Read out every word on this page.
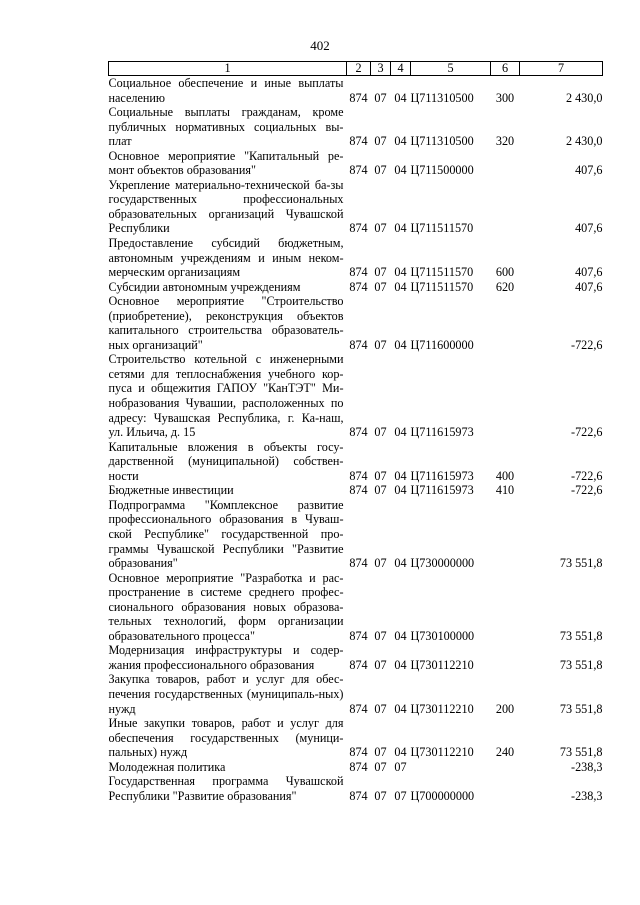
402
1	2	3	4	5	6	7
Социальное обеспечение и иные выплаты населению	874	07	04	Ц711310500	300	2 430,0
Социальные выплаты гражданам, кроме публичных нормативных социальных вы-плат	874	07	04	Ц711310500	320	2 430,0
Основное мероприятие "Капитальный ре-монт объектов образования"	874	07	04	Ц711500000		407,6
Укрепление материально-технической ба-зы государственных профессиональных образовательных организаций Чувашской Республики	874	07	04	Ц711511570		407,6
Предоставление субсидий бюджетным, автономным учреждениям и иным неком-мерческим организациям	874	07	04	Ц711511570	600	407,6
Субсидии автономным учреждениям	874	07	04	Ц711511570	620	407,6
Основное мероприятие "Строительство (приобретение), реконструкция объектов капитального строительства образователь-ных организаций"	874	07	04	Ц711600000		-722,6
Строительство котельной с инженерными сетями для теплоснабжения учебного кор-пуса и общежития ГАПОУ "КанТЭТ" Ми-нобразования Чувашии, расположенных по адресу: Чувашская Республика, г. Ка-наш, ул. Ильича, д. 15	874	07	04	Ц711615973		-722,6
Капитальные вложения в объекты госу-дарственной (муниципальной) собствен-ности	874	07	04	Ц711615973	400	-722,6
Бюджетные инвестиции	874	07	04	Ц711615973	410	-722,6
Подпрограмма "Комплексное развитие профессионального образования в Чуваш-ской Республике" государственной про-граммы Чувашской Республики "Развитие образования"	874	07	04	Ц730000000		73 551,8
Основное мероприятие "Разработка и рас-пространение в системе среднего профес-сионального образования новых образова-тельных технологий, форм организации образовательного процесса"	874	07	04	Ц730100000		73 551,8
Модернизация инфраструктуры и содер-жания профессионального образования	874	07	04	Ц730112210		73 551,8
Закупка товаров, работ и услуг для обес-печения государственных (муниципаль-ных) нужд	874	07	04	Ц730112210	200	73 551,8
Иные закупки товаров, работ и услуг для обеспечения государственных (муници-пальных) нужд	874	07	04	Ц730112210	240	73 551,8
Молодежная политика	874	07	07			-238,3
Государственная программа Чувашской Республики "Развитие образования"	874	07	07	Ц700000000		-238,3
